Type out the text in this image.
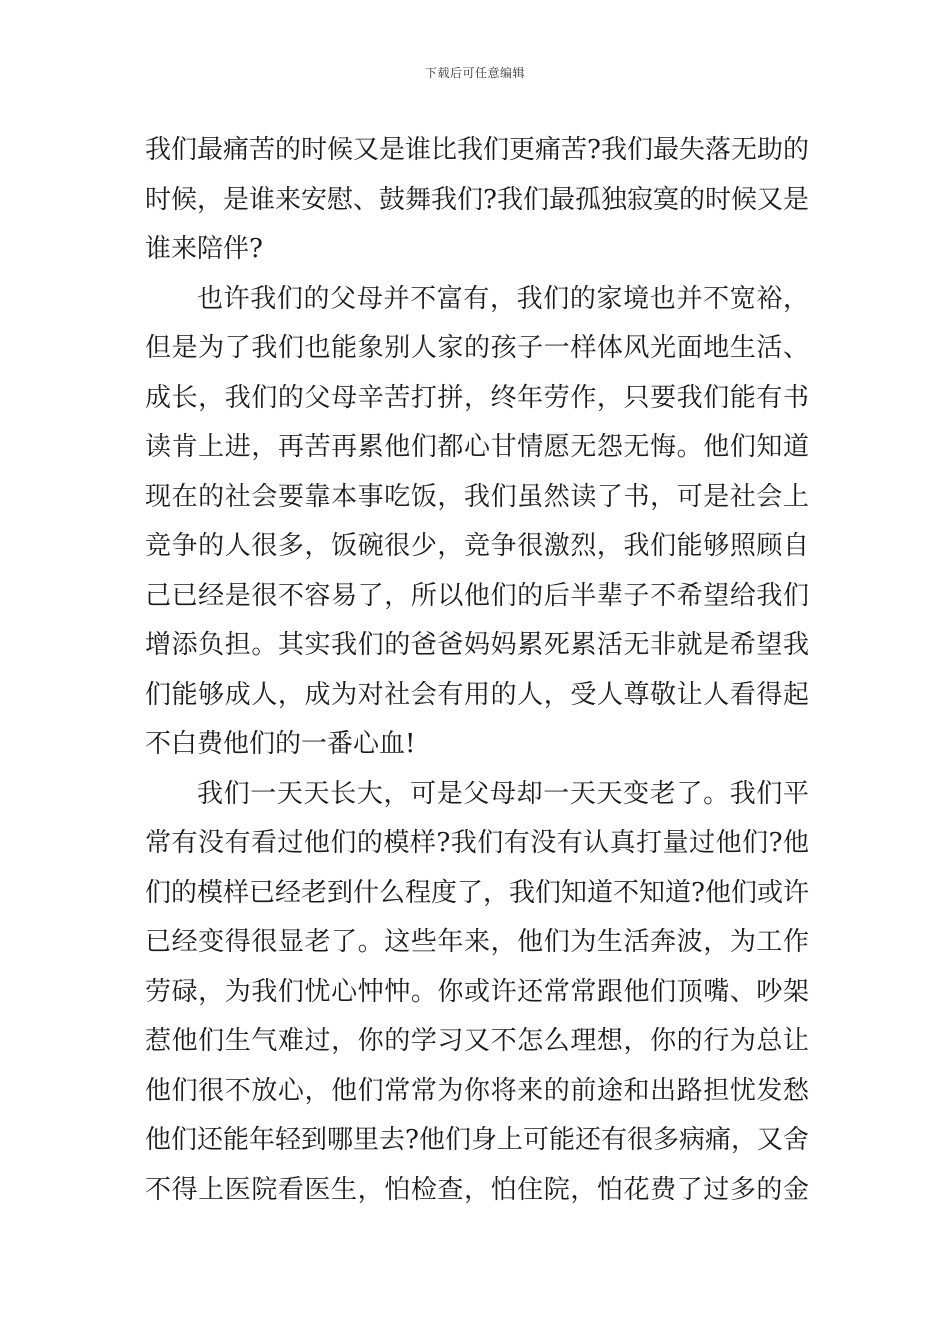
下载后可任意编辑
我们最痛苦的时候又是谁比我们更痛苦?我们最失落无助的
时候，是谁来安慰、鼓舞我们?我们最孤独寂寞的时候又是
谁来陪伴?
也许我们的父母并不富有，我们的家境也并不宽裕，
但是为了我们也能象别人家的孩子一样体风光面地生活、
成长，我们的父母辛苦打拼，终年劳作，只要我们能有书
读肯上进，再苦再累他们都心甘情愿无怨无悔。他们知道
现在的社会要靠本事吃饭，我们虽然读了书，可是社会上
竞争的人很多，饭碗很少，竞争很激烈，我们能够照顾自
己已经是很不容易了，所以他们的后半辈子不希望给我们
增添负担。其实我们的爸爸妈妈累死累活无非就是希望我
们能够成人，成为对社会有用的人，受人尊敬让人看得起
不白费他们的一番心血!
我们一天天长大，可是父母却一天天变老了。我们平
常有没有看过他们的模样?我们有没有认真打量过他们?他
们的模样已经老到什么程度了，我们知道不知道?他们或许
已经变得很显老了。这些年来，他们为生活奔波，为工作
劳碌，为我们忧心忡忡。你或许还常常跟他们顶嘴、吵架
惹他们生气难过，你的学习又不怎么理想，你的行为总让
他们很不放心，他们常常为你将来的前途和出路担忧发愁
他们还能年轻到哪里去?他们身上可能还有很多病痛，又舍
不得上医院看医生，怕检查，怕住院，怕花费了过多的金
